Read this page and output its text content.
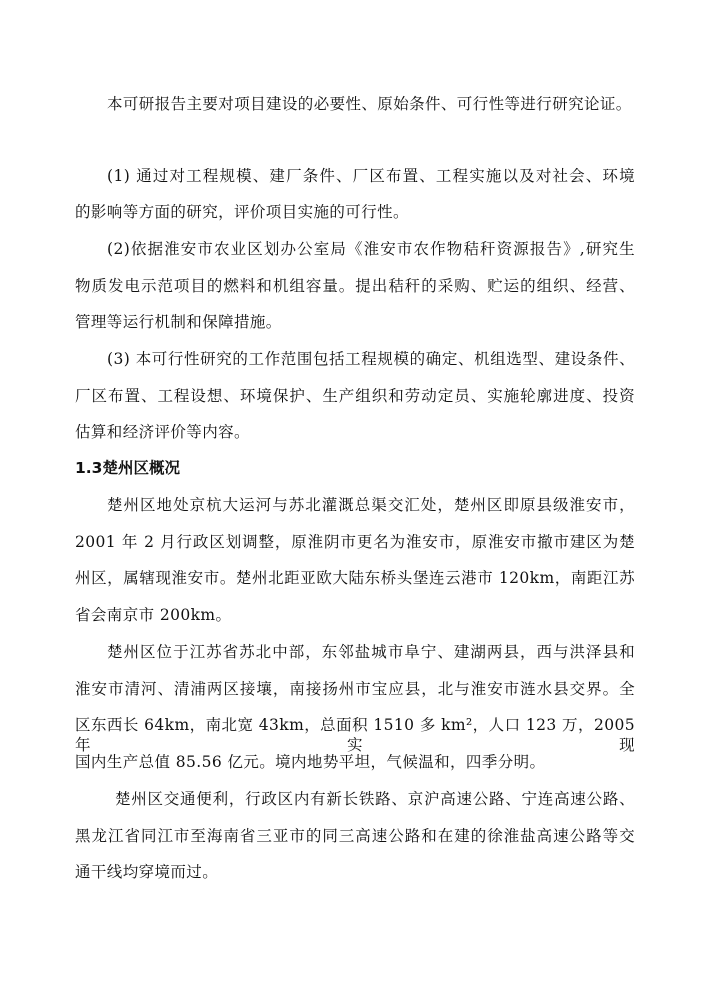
本可研报告主要对项目建设的必要性、原始条件、可行性等进行研究论证。
(1) 通过对工程规模、建厂条件、厂区布置、工程实施以及对社会、环境
的影响等方面的研究，评价项目实施的可行性。
(2)依据淮安市农业区划办公室局《淮安市农作物秸秆资源报告》,研究生
物质发电示范项目的燃料和机组容量。提出秸秆的采购、贮运的组织、经营、
管理等运行机制和保障措施。
(3) 本可行性研究的工作范围包括工程规模的确定、机组选型、建设条件、
厂区布置、工程设想、环境保护、生产组织和劳动定员、实施轮廓进度、投资
估算和经济评价等内容。
1.3楚州区概况
楚州区地处京杭大运河与苏北灌溉总渠交汇处，楚州区即原县级淮安市，
2001 年 2 月行政区划调整，原淮阴市更名为淮安市，原淮安市撤市建区为楚
州区，属辖现淮安市。楚州北距亚欧大陆东桥头堡连云港市 120km，南距江苏
省会南京市 200km。
楚州区位于江苏省苏北中部，东邻盐城市阜宁、建湖两县，西与洪泽县和
淮安市清河、清浦两区接壤，南接扬州市宝应县，北与淮安市涟水县交界。全
区东西长 64km，南北宽 43km，总面积 1510 多 km²，人口 123 万，2005 年实现
国内生产总值 85.56 亿元。境内地势平坦，气候温和，四季分明。
楚州区交通便利，行政区内有新长铁路、京沪高速公路、宁连高速公路、
黑龙江省同江市至海南省三亚市的同三高速公路和在建的徐淮盐高速公路等交
通干线均穿境而过。
